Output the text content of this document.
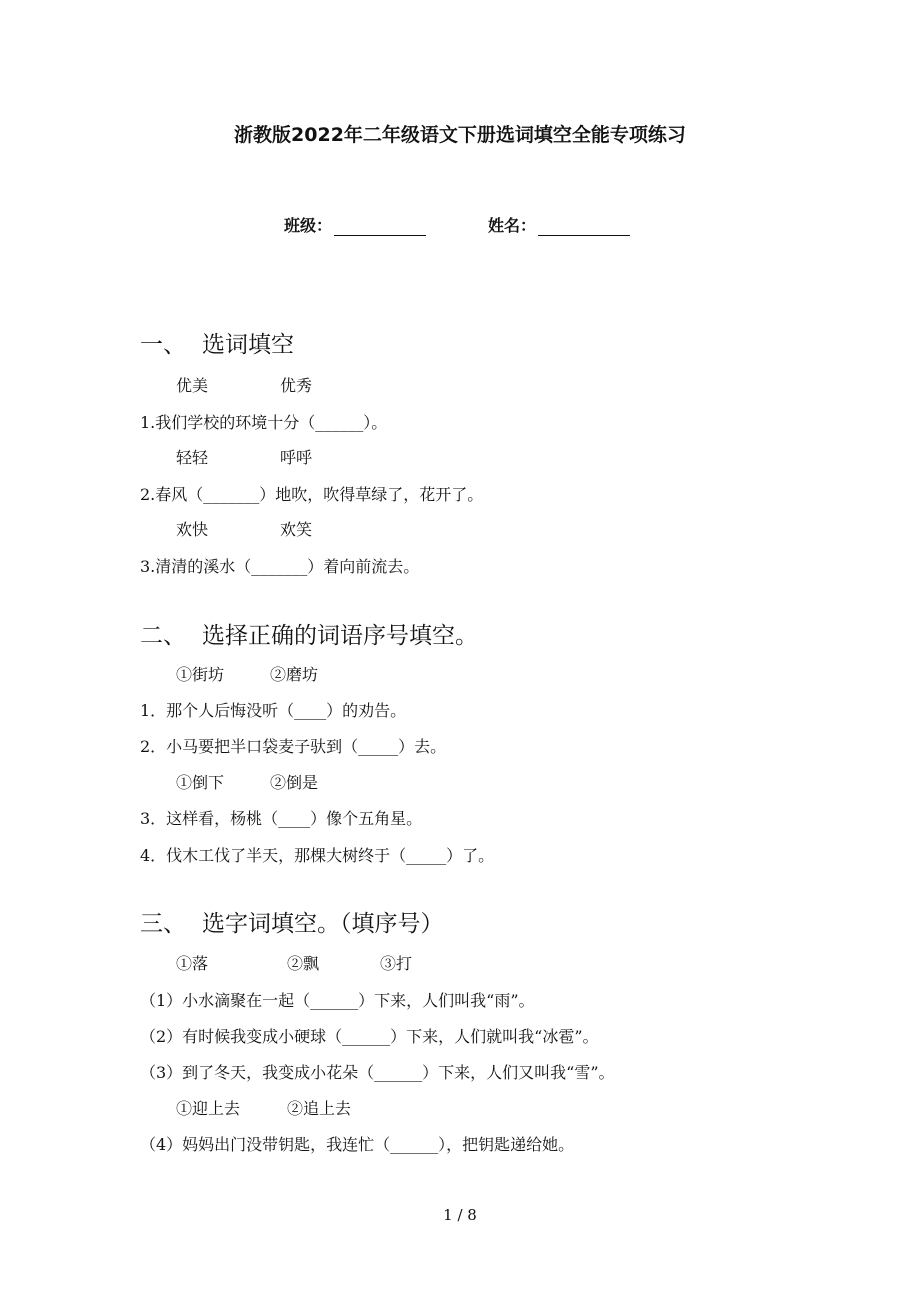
浙教版2022年二年级语文下册选词填空全能专项练习
班级：	姓名：
一、 选词填空
优美	优秀
1.我们学校的环境十分（______）。
轻轻	呼呼
2.春风（_______）地吹，吹得草绿了，花开了。
欢快	欢笑
3.清清的溪水（_______）着向前流去。
二、 选择正确的词语序号填空。
①街坊	②磨坊
1．那个人后悔没听（____）的劝告。
2．小马要把半口袋麦子驮到（_____）去。
①倒下	②倒是
3．这样看，杨桃（____）像个五角星。
4．伐木工伐了半天，那棵大树终于（_____）了。
三、 选字词填空。（填序号）
①落	②飘	③打
（1）小水滴聚在一起（______）下来，人们叫我“雨”。
（2）有时候我变成小硬球（______）下来，人们就叫我“冰雹”。
（3）到了冬天，我变成小花朵（______）下来，人们又叫我“雪”。
①迎上去	②追上去
（4）妈妈出门没带钥匙，我连忙（______），把钥匙递给她。
1 / 8
